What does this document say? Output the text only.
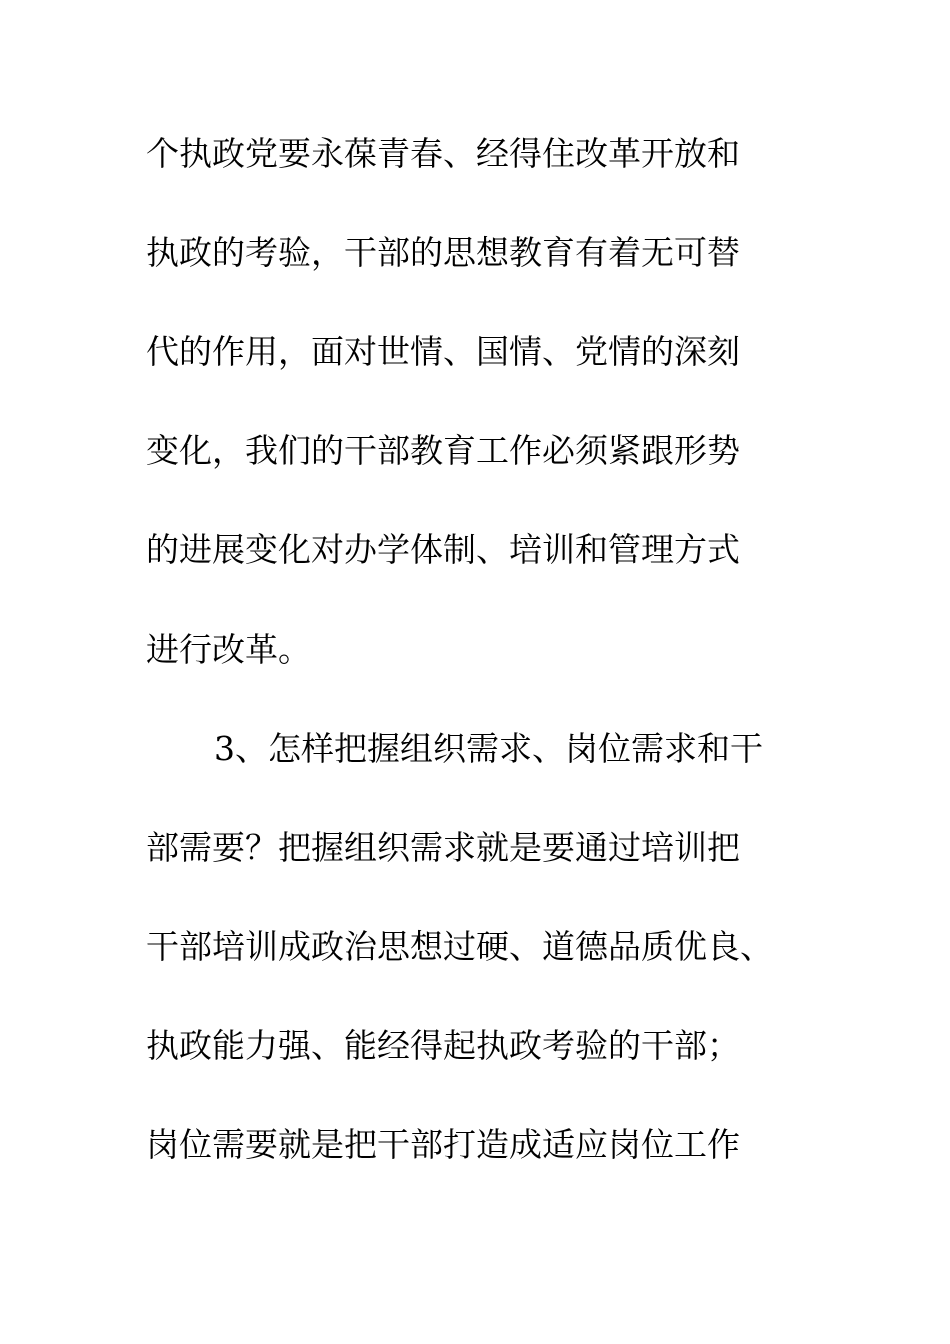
个执政党要永葆青春、经得住改革开放和
执政的考验，干部的思想教育有着无可替
代的作用，面对世情、国情、党情的深刻
变化，我们的干部教育工作必须紧跟形势
的进展变化对办学体制、培训和管理方式
进行改革。
3、怎样把握组织需求、岗位需求和干
部需要？把握组织需求就是要通过培训把
干部培训成政治思想过硬、道德品质优良、
执政能力强、能经得起执政考验的干部；
岗位需要就是把干部打造成适应岗位工作
